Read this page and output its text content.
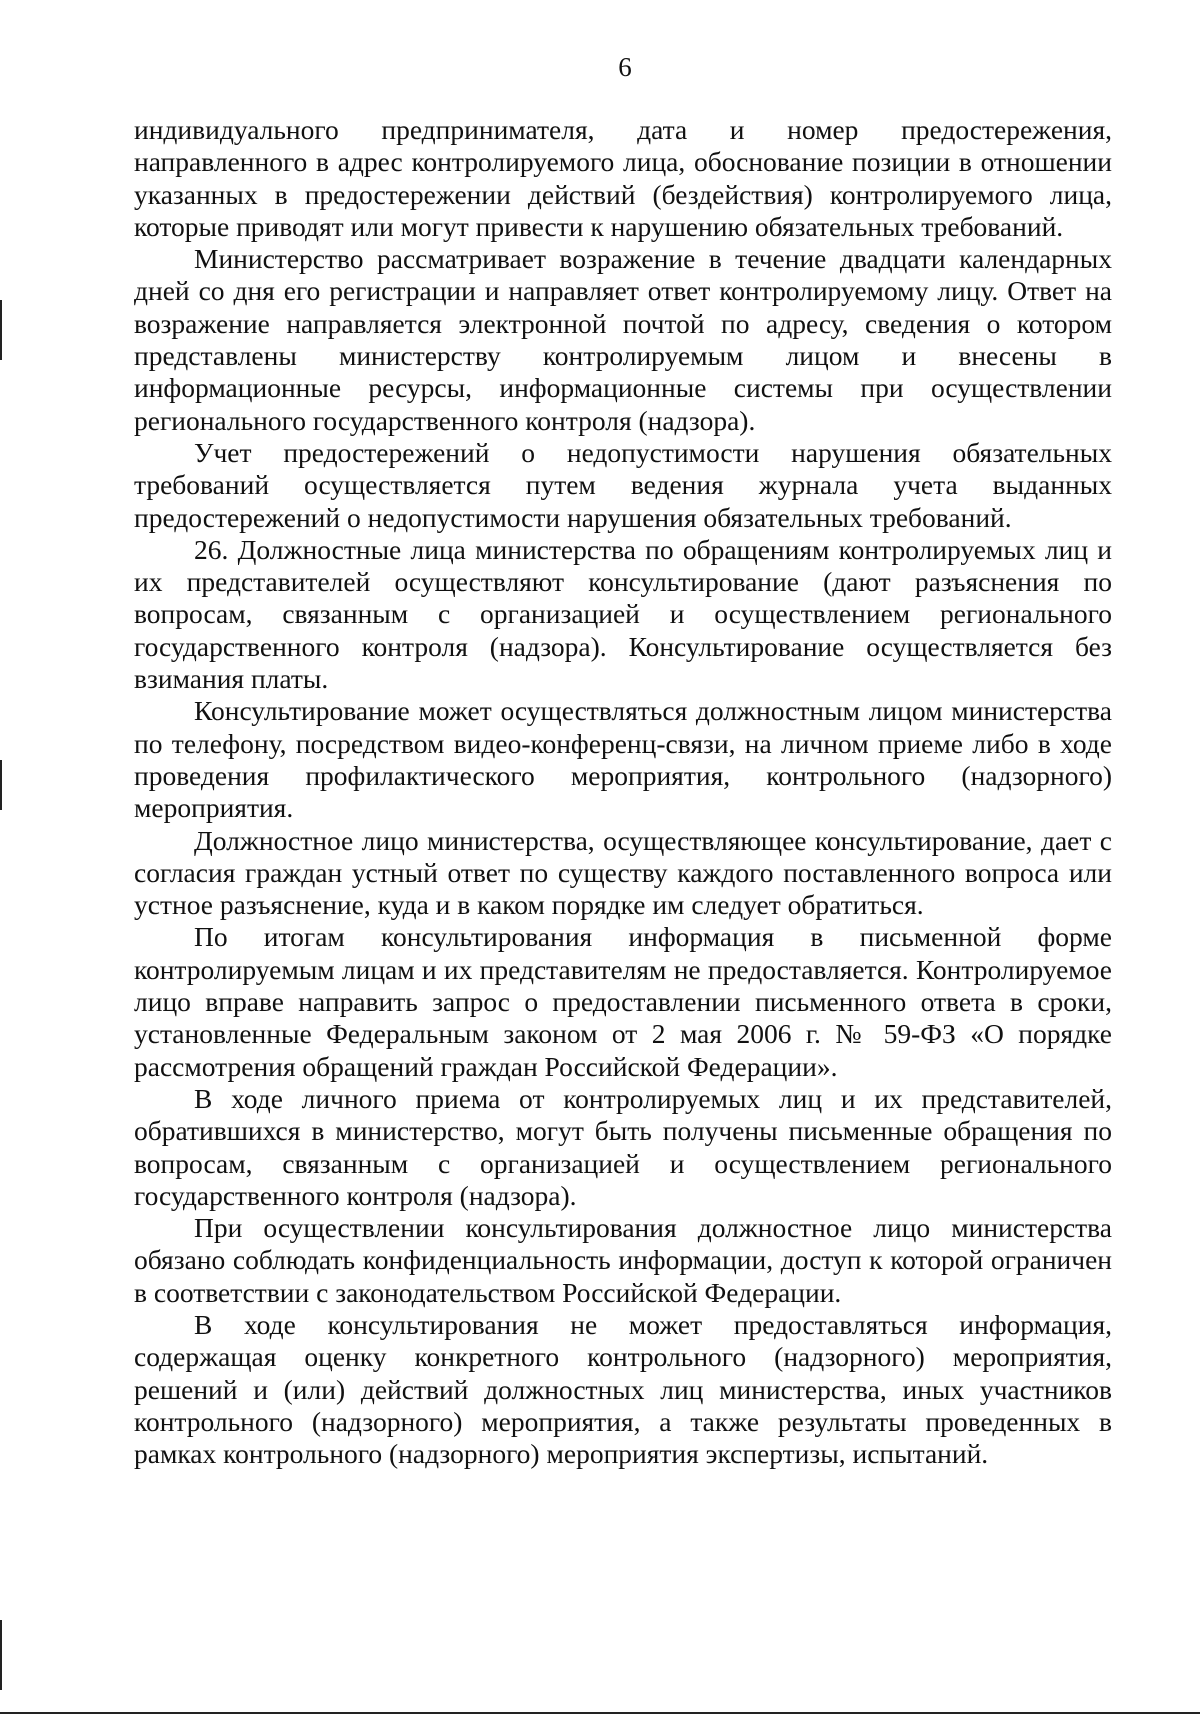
6

индивидуального предпринимателя, дата и номер предостережения, направленного в адрес контролируемого лица, обоснование позиции в отношении указанных в предостережении действий (бездействия) контролируемого лица, которые приводят или могут привести к нарушению обязательных требований.

Министерство рассматривает возражение в течение двадцати календарных дней со дня его регистрации и направляет ответ контролируемому лицу. Ответ на возражение направляется электронной почтой по адресу, сведения о котором представлены министерству контролируемым лицом и внесены в информационные ресурсы, информационные системы при осуществлении регионального государственного контроля (надзора).

Учет предостережений о недопустимости нарушения обязательных требований осуществляется путем ведения журнала учета выданных предостережений о недопустимости нарушения обязательных требований.

26. Должностные лица министерства по обращениям контролируемых лиц и их представителей осуществляют консультирование (дают разъяснения по вопросам, связанным с организацией и осуществлением регионального государственного контроля (надзора). Консультирование осуществляется без взимания платы.

Консультирование может осуществляться должностным лицом министерства по телефону, посредством видео-конференц-связи, на личном приеме либо в ходе проведения профилактического мероприятия, контрольного (надзорного) мероприятия.

Должностное лицо министерства, осуществляющее консультирование, дает с согласия граждан устный ответ по существу каждого поставленного вопроса или устное разъяснение, куда и в каком порядке им следует обратиться.

По итогам консультирования информация в письменной форме контролируемым лицам и их представителям не предоставляется. Контролируемое лицо вправе направить запрос о предоставлении письменного ответа в сроки, установленные Федеральным законом от 2 мая 2006 г. № 59-ФЗ «О порядке рассмотрения обращений граждан Российской Федерации».

В ходе личного приема от контролируемых лиц и их представителей, обратившихся в министерство, могут быть получены письменные обращения по вопросам, связанным с организацией и осуществлением регионального государственного контроля (надзора).

При осуществлении консультирования должностное лицо министерства обязано соблюдать конфиденциальность информации, доступ к которой ограничен в соответствии с законодательством Российской Федерации.

В ходе консультирования не может предоставляться информация, содержащая оценку конкретного контрольного (надзорного) мероприятия, решений и (или) действий должностных лиц министерства, иных участников контрольного (надзорного) мероприятия, а также результаты проведенных в рамках контрольного (надзорного) мероприятия экспертизы, испытаний.
